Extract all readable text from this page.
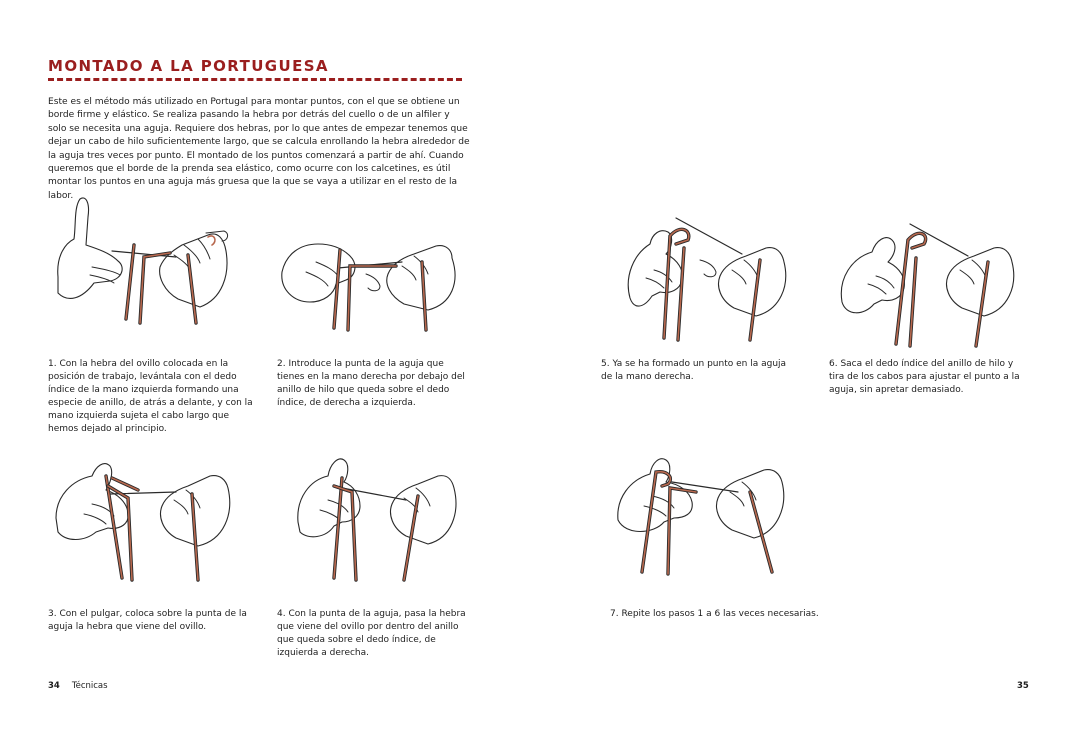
MONTADO A LA PORTUGUESA

Este es el método más utilizado en Portugal para montar puntos, con el que se obtiene un borde firme y elástico. Se realiza pasando la hebra por detrás del cuello o de un alfiler y solo se necesita una aguja. Requiere dos hebras, por lo que antes de empezar tenemos que dejar un cabo de hilo suficientemente largo, que se calcula enrollando la hebra alrededor de la aguja tres veces por punto. El montado de los puntos comenzará a partir de ahí. Cuando queremos que el borde de la prenda sea elástico, como ocurre con los calcetines, es útil montar los puntos en una aguja más gruesa que la que se vaya a utilizar en el resto de la labor.

1. Con la hebra del ovillo colocada en la posición de trabajo, levántala con el dedo índice de la mano izquierda formando una especie de anillo, de atrás a delante, y con la mano izquierda sujeta el cabo largo que hemos dejado al principio.

2. Introduce la punta de la aguja que tienes en la mano derecha por debajo del anillo de hilo que queda sobre el dedo índice, de derecha a izquierda.

3. Con el pulgar, coloca sobre la punta de la aguja la hebra que viene del ovillo.

4. Con la punta de la aguja, pasa la hebra que viene del ovillo por dentro del anillo que queda sobre el dedo índice, de izquierda a derecha.

5. Ya se ha formado un punto en la aguja de la mano derecha.

6. Saca el dedo índice del anillo de hilo y tira de los cabos para ajustar el punto a la aguja, sin apretar demasiado.

7. Repite los pasos 1 a 6 las veces necesarias.

34 Técnicas	35
